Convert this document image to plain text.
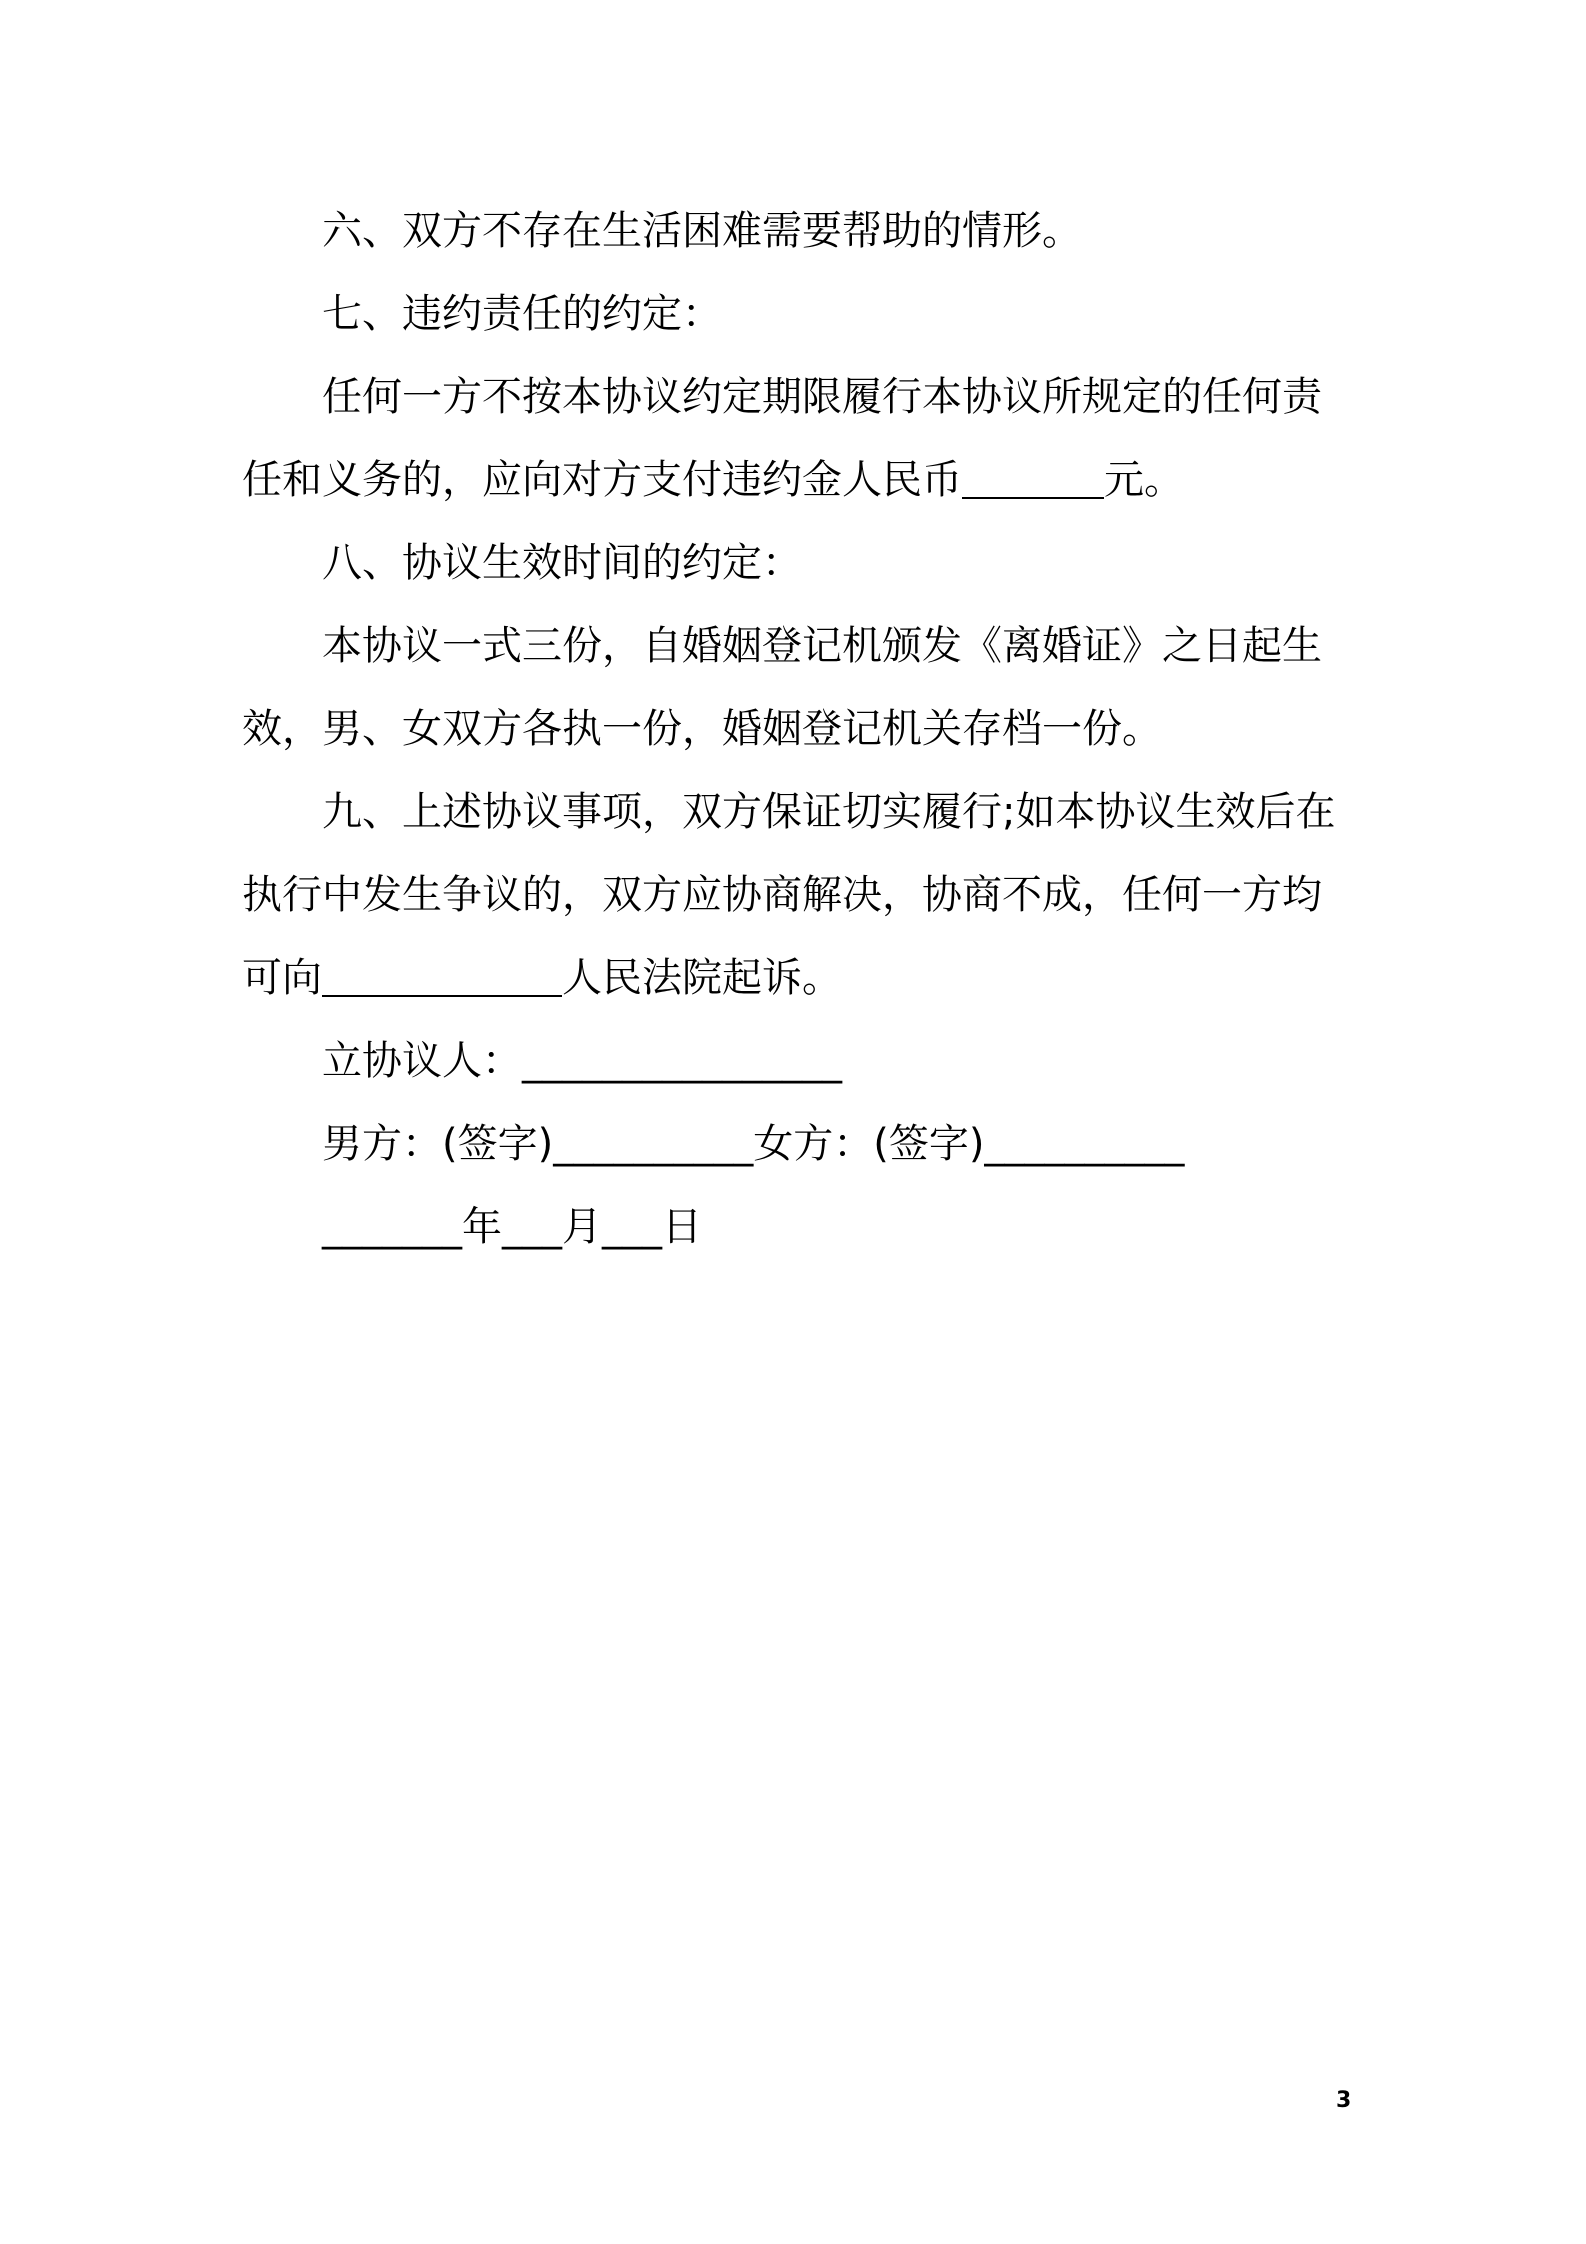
六、双方不存在生活困难需要帮助的情形。

七、违约责任的约定：

任何一方不按本协议约定期限履行本协议所规定的任何责任和义务的，应向对方支付违约金人民币	元。

八、协议生效时间的约定：

本协议一式三份，自婚姻登记机颁发《离婚证》之日起生效，男、女双方各执一份，婚姻登记机关存档一份。

九、上述协议事项，双方保证切实履行;如本协议生效后在执行中发生争议的，双方应协商解决，协商不成，任何一方均可向	人民法院起诉。

立协议人：________________

男方：(签字)__________女方：(签字)__________

_______年___月___日

3
